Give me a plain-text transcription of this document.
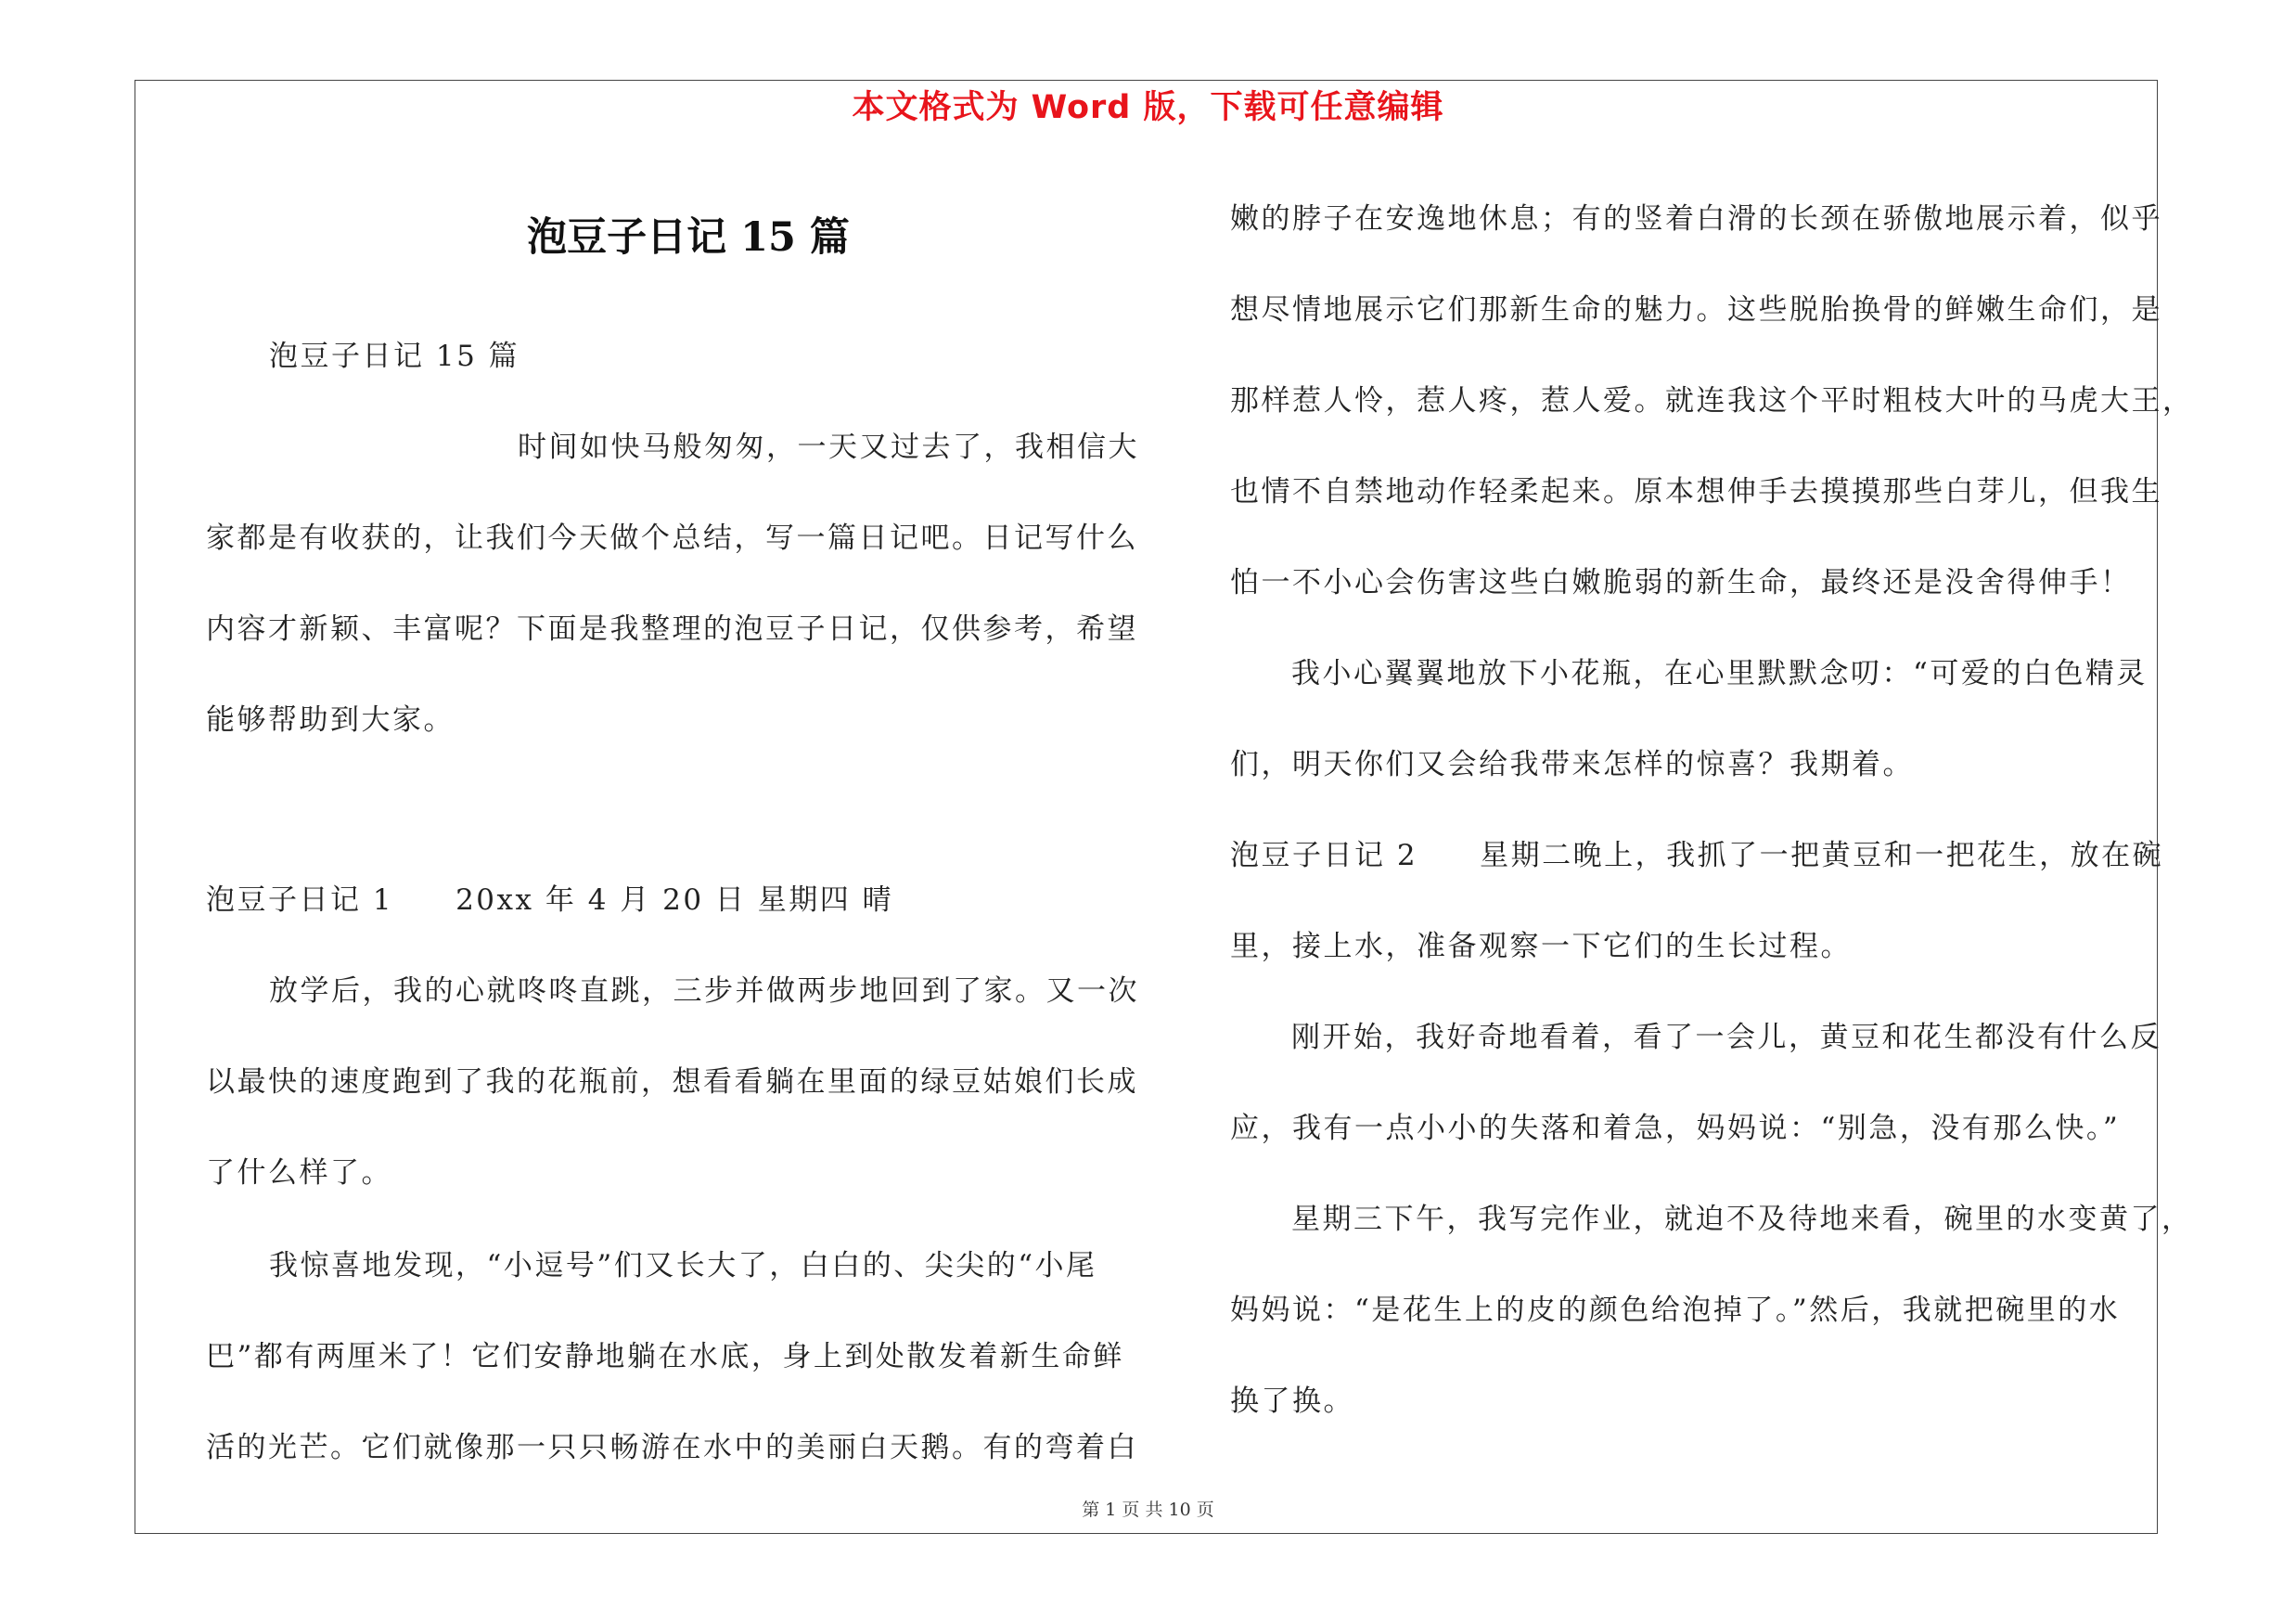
本文格式为 Word 版，下载可任意编辑
泡豆子日记 15 篇
泡豆子日记 15 篇
时间如快马般匆匆，一天又过去了，我相信大
家都是有收获的，让我们今天做个总结，写一篇日记吧。日记写什么
内容才新颖、丰富呢？下面是我整理的泡豆子日记，仅供参考，希望
能够帮助到大家。
泡豆子日记 1　　20xx 年 4 月 20 日 星期四 晴
放学后，我的心就咚咚直跳，三步并做两步地回到了家。又一次
以最快的速度跑到了我的花瓶前，想看看躺在里面的绿豆姑娘们长成
了什么样了。
我惊喜地发现，“小逗号”们又长大了，白白的、尖尖的“小尾
巴”都有两厘米了！它们安静地躺在水底，身上到处散发着新生命鲜
活的光芒。它们就像那一只只畅游在水中的美丽白天鹅。有的弯着白
嫩的脖子在安逸地休息；有的竖着白滑的长颈在骄傲地展示着，似乎
想尽情地展示它们那新生命的魅力。这些脱胎换骨的鲜嫩生命们，是
那样惹人怜，惹人疼，惹人爱。就连我这个平时粗枝大叶的马虎大王，
也情不自禁地动作轻柔起来。原本想伸手去摸摸那些白芽儿，但我生
怕一不小心会伤害这些白嫩脆弱的新生命，最终还是没舍得伸手！
我小心翼翼地放下小花瓶，在心里默默念叨：“可爱的白色精灵
们，明天你们又会给我带来怎样的惊喜？我期着。
泡豆子日记 2　　星期二晚上，我抓了一把黄豆和一把花生，放在碗
里，接上水，准备观察一下它们的生长过程。
刚开始，我好奇地看着，看了一会儿，黄豆和花生都没有什么反
应，我有一点小小的失落和着急，妈妈说：“别急，没有那么快。”
星期三下午，我写完作业，就迫不及待地来看，碗里的水变黄了，
妈妈说：“是花生上的皮的颜色给泡掉了。”然后，我就把碗里的水
换了换。
第 1 页 共 10 页
